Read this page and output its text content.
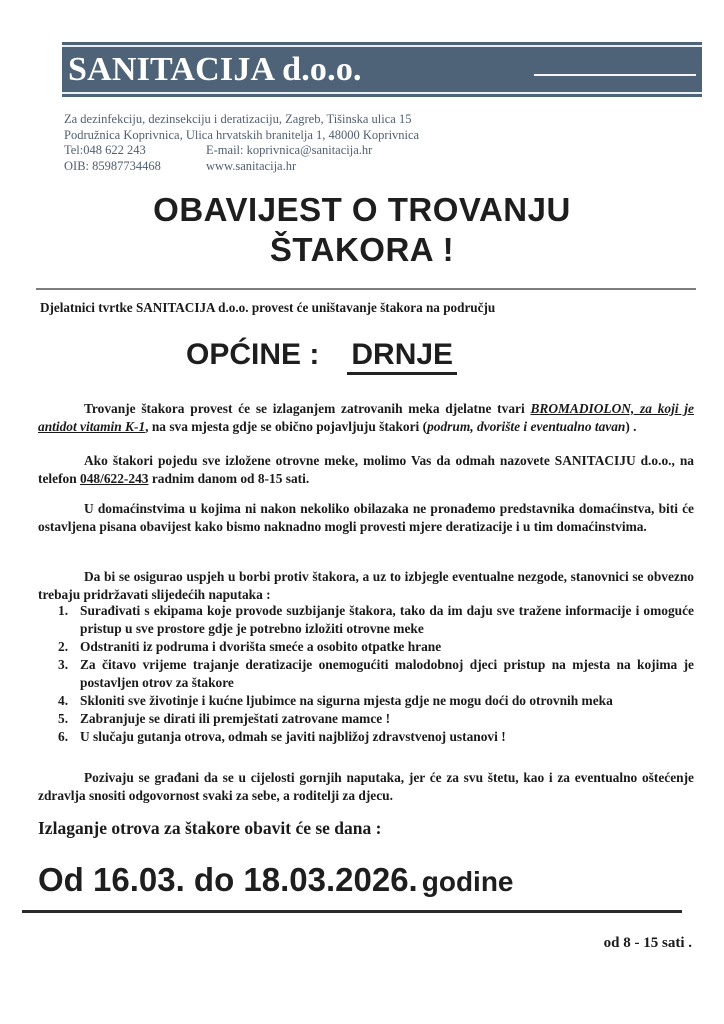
SANITACIJA d.o.o.
Za dezinfekciju, dezinsekciju i deratizaciju, Zagreb, Tišinska ulica 15
Podružnica Koprivnica, Ulica hrvatskih branitelja 1, 48000 Koprivnica
Tel:048 622 243	E-mail: koprivnica@sanitacija.hr
OIB: 85987734468	www.sanitacija.hr
OBAVIJEST O TROVANJU
ŠTAKORA !
Djelatnici tvrtke SANITACIJA d.o.o. provest će uništavanje štakora na području
OPĆINE : DRNJE
Trovanje štakora provest će se izlaganjem zatrovanih meka djelatne tvari BROMADIOLON, za koji je antidot vitamin K-1, na sva mjesta gdje se obično pojavljuju štakori (podrum, dvorište i eventualno tavan) .
Ako štakori pojedu sve izložene otrovne meke, molimo Vas da odmah nazovete SANITACIJU d.o.o., na telefon 048/622-243 radnim danom od 8-15 sati.
U domaćinstvima u kojima ni nakon nekoliko obilazaka ne pronađemo predstavnika domaćinstva, biti će ostavljena pisana obavijest kako bismo naknadno mogli provesti mjere deratizacije i u tim domaćinstvima.
Da bi se osigurao uspjeh u borbi protiv štakora, a uz to izbjegle eventualne nezgode, stanovnici se obvezno trebaju pridržavati slijedećih naputaka :
1. Surađivati s ekipama koje provode suzbijanje štakora, tako da im daju sve tražene informacije i omoguće pristup u sve prostore gdje je potrebno izložiti otrovne meke
2. Odstraniti iz podruma i dvorišta smeće a osobito otpatke hrane
3. Za čitavo vrijeme trajanje deratizacije onemogućiti malodobnoj djeci pristup na mjesta na kojima je postavljen otrov za štakore
4. Skloniti sve životinje i kućne ljubimce na sigurna mjesta gdje ne mogu doći do otrovnih meka
5. Zabranjuje se dirati ili premještati zatrovane mamce !
6. U slučaju gutanja otrova, odmah se javiti najbližoj zdravstvenoj ustanovi !
Pozivaju se građani da se u cijelosti gornjih naputaka, jer će za svu štetu, kao i za eventualno oštećenje zdravlja snositi odgovornost svaki za sebe, a roditelji za djecu.
Izlaganje otrova za štakore obavit će se dana :
Od 16.03. do 18.03.2026. godine
od 8 - 15 sati .
